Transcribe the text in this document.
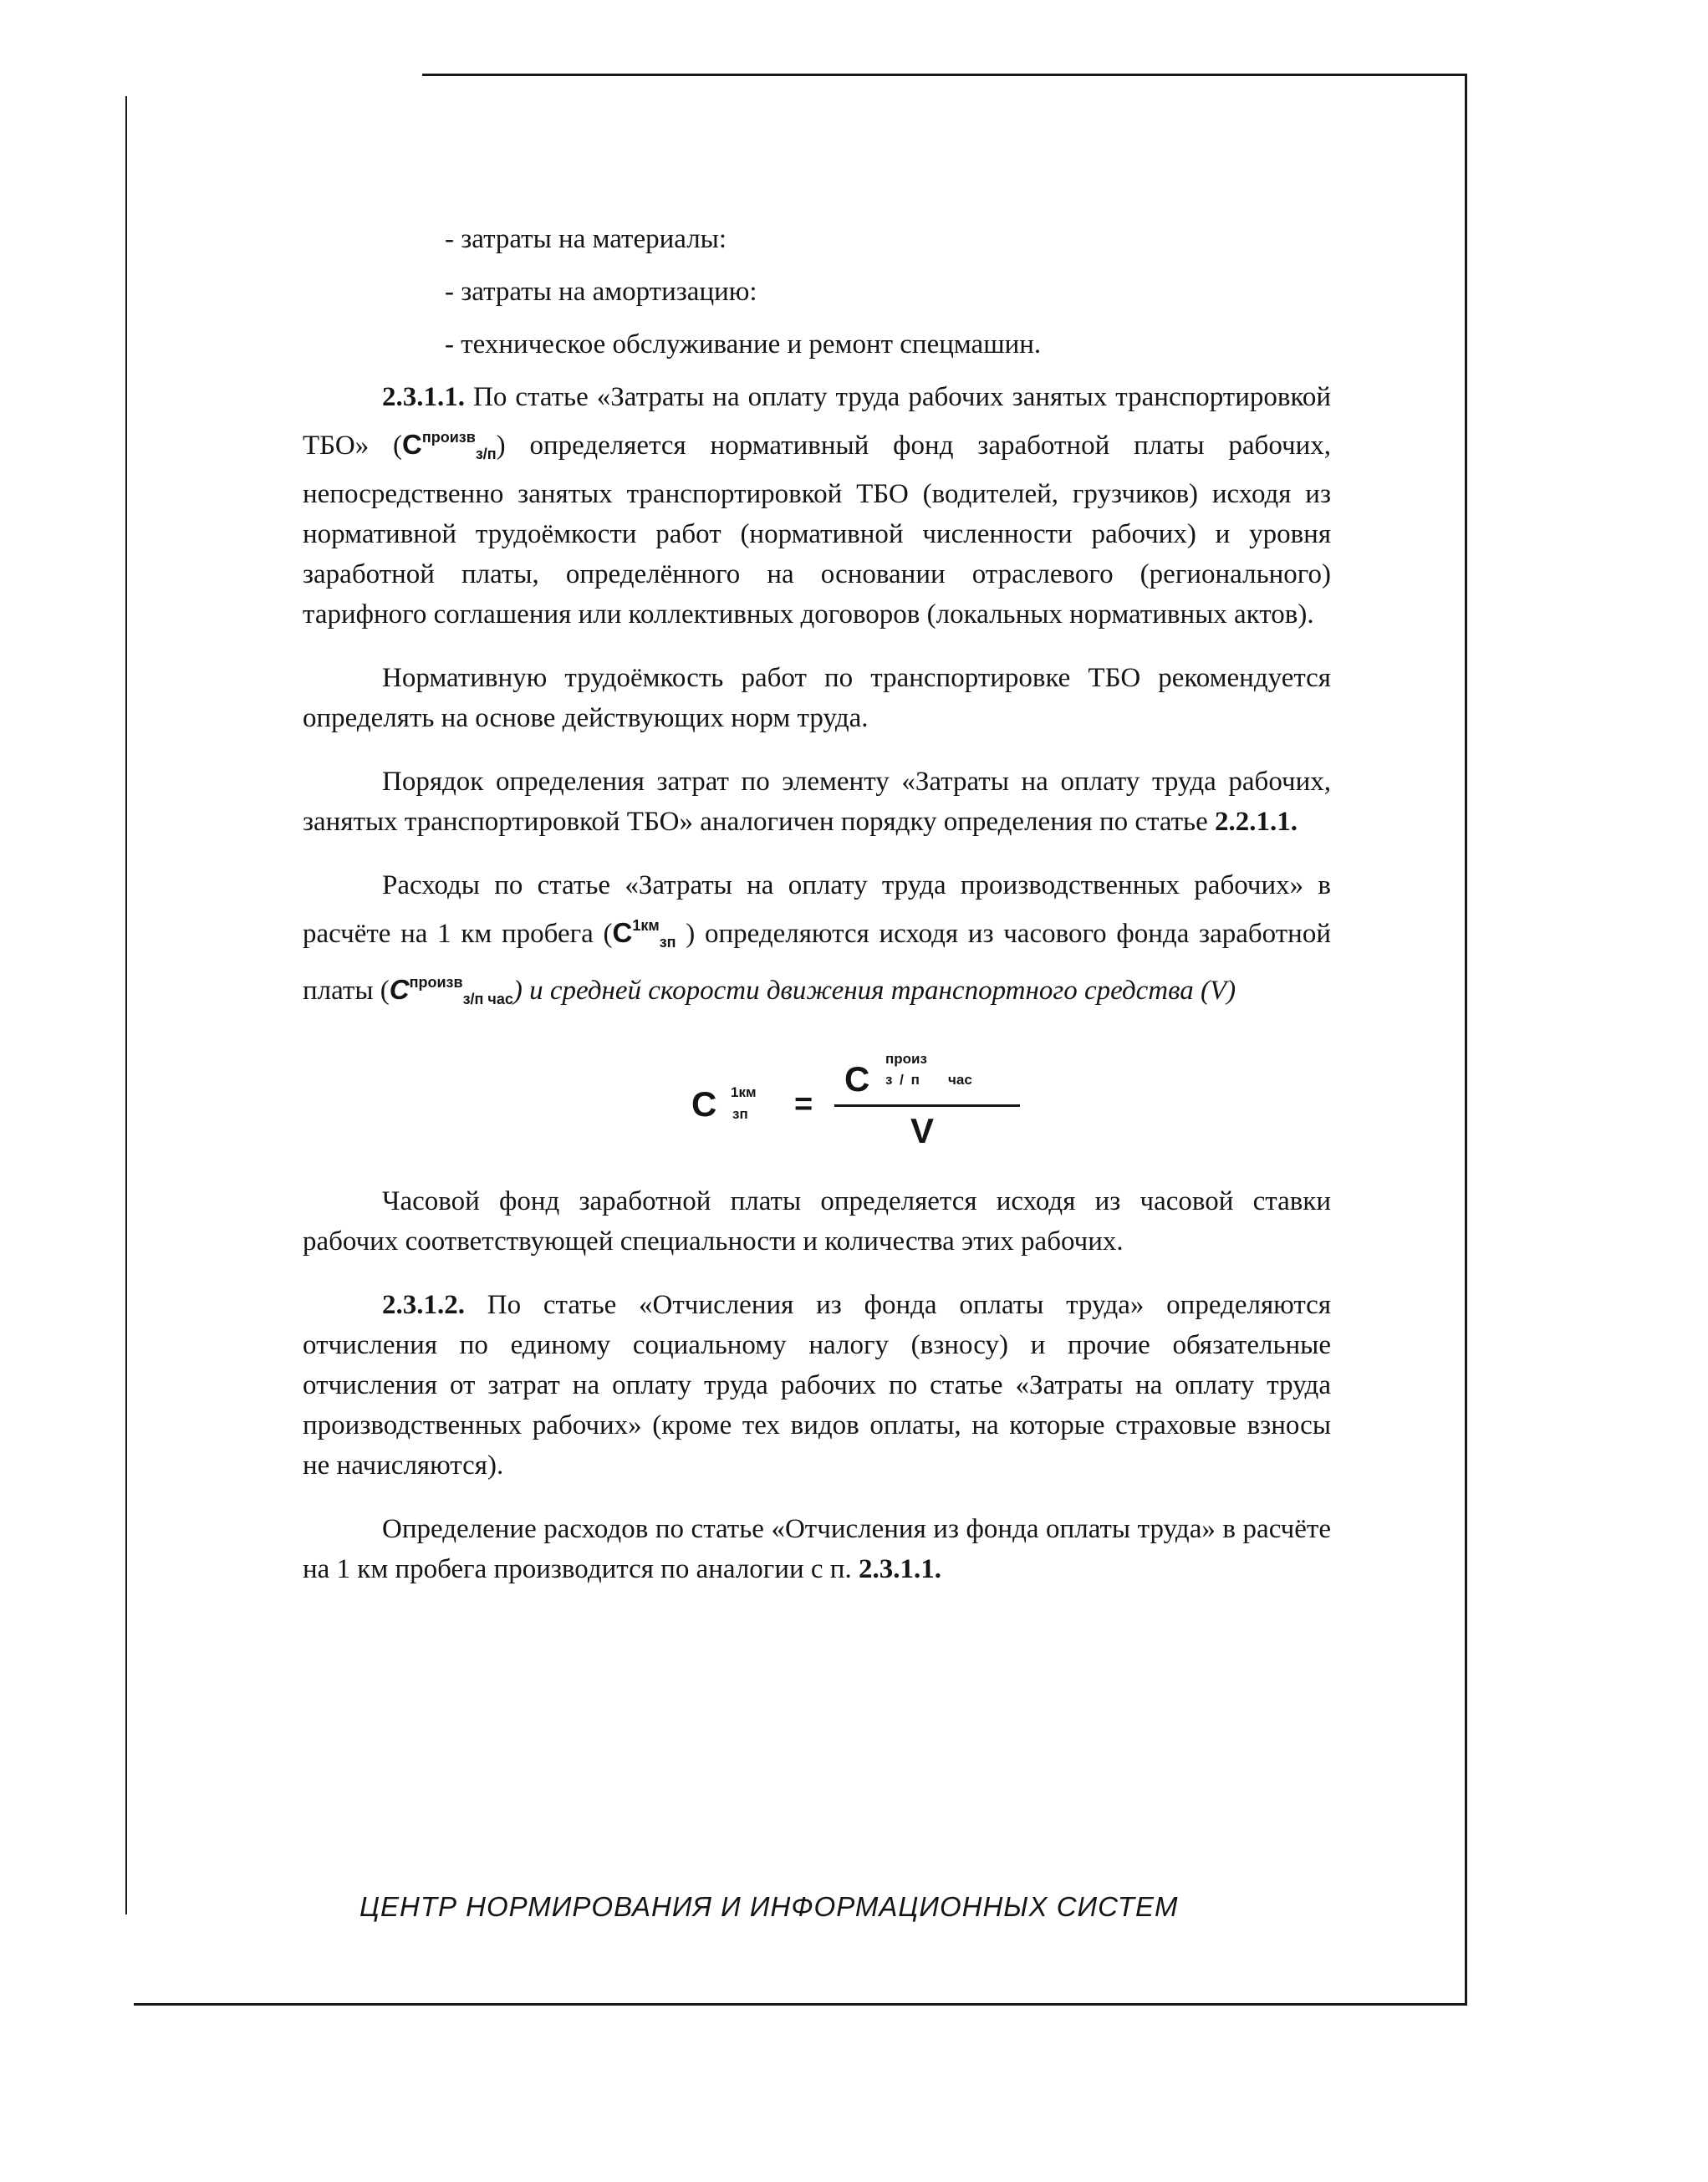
- затраты на материалы:
- затраты на амортизацию:
- техническое обслуживание и ремонт спецмашин.

2.3.1.1. По статье «Затраты на оплату труда рабочих занятых транспортировкой ТБО» $(С^{произв}_{з/п})$ определяется нормативный фонд заработной платы рабочих, непосредственно занятых транспортировкой ТБО (водителей, грузчиков) исходя из нормативной трудоёмкости работ (нормативной численности рабочих) и уровня заработной платы, определённого на основании отраслевого (регионального) тарифного соглашения или коллективных договоров (локальных нормативных актов).

Нормативную трудоёмкость работ по транспортировке ТБО рекомендуется определять на основе действующих норм труда.

Порядок определения затрат по элементу «Затраты на оплату труда рабочих, занятых транспортировкой ТБО» аналогичен порядку определения по статье 2.2.1.1.

Расходы по статье «Затраты на оплату труда производственных рабочих» в расчёте на 1 км пробега ($С^{1км}_{зп}$ ) определяются исходя из часового фонда заработной платы $(С^{произв}_{з/п час})$ и средней скорости движения транспортного средства (V)

С 1км
зп =
С
произ
з / п час
V

Часовой фонд заработной платы определяется исходя из часовой ставки рабочих соответствующей специальности и количества этих рабочих.

2.3.1.2. По статье «Отчисления из фонда оплаты труда» определяются отчисления по единому социальному налогу (взносу) и прочие обязательные отчисления от затрат на оплату труда рабочих по статье «Затраты на оплату труда производственных рабочих» (кроме тех видов оплаты, на которые страховые взносы не начисляются).

Определение расходов по статье «Отчисления из фонда оплаты труда» в расчёте на 1 км пробега производится по аналогии с п. 2.3.1.1.

ЦЕНТР НОРМИРОВАНИЯ И ИНФОРМАЦИОННЫХ СИСТЕМ
